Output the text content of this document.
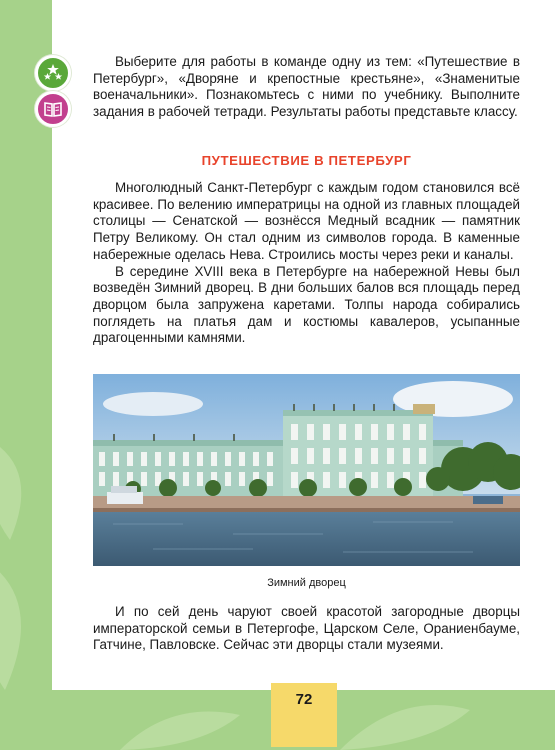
Выберите для работы в команде одну из тем: «Путешествие в Петербург», «Дворяне и крепостные крестьяне», «Знаменитые военачальники». Познакомьтесь с ними по учебнику. Выполните задания в рабочей тетради. Результаты работы представьте классу.
ПУТЕШЕСТВИЕ В ПЕТЕРБУРГ

Многолюдный Санкт-Петербург с каждым годом становился всё красивее. По велению императрицы на одной из главных площадей столицы — Сенатской — вознёсся Медный всадник — памятник Петру Великому. Он стал одним из символов города. В каменные набережные оделась Нева. Строились мосты через реки и каналы.

В середине XVIII века в Петербурге на набережной Невы был возведён Зимний дворец. В дни больших балов вся площадь перед дворцом была запружена каретами. Толпы народа собирались поглядеть на платья дам и костюмы кавалеров, усыпанные драгоценными камнями.

Зимний дворец

И по сей день чаруют своей красотой загородные дворцы императорской семьи в Петергофе, Царском Селе, Ораниенбауме, Гатчине, Павловске. Сейчас эти дворцы стали музеями.

72
